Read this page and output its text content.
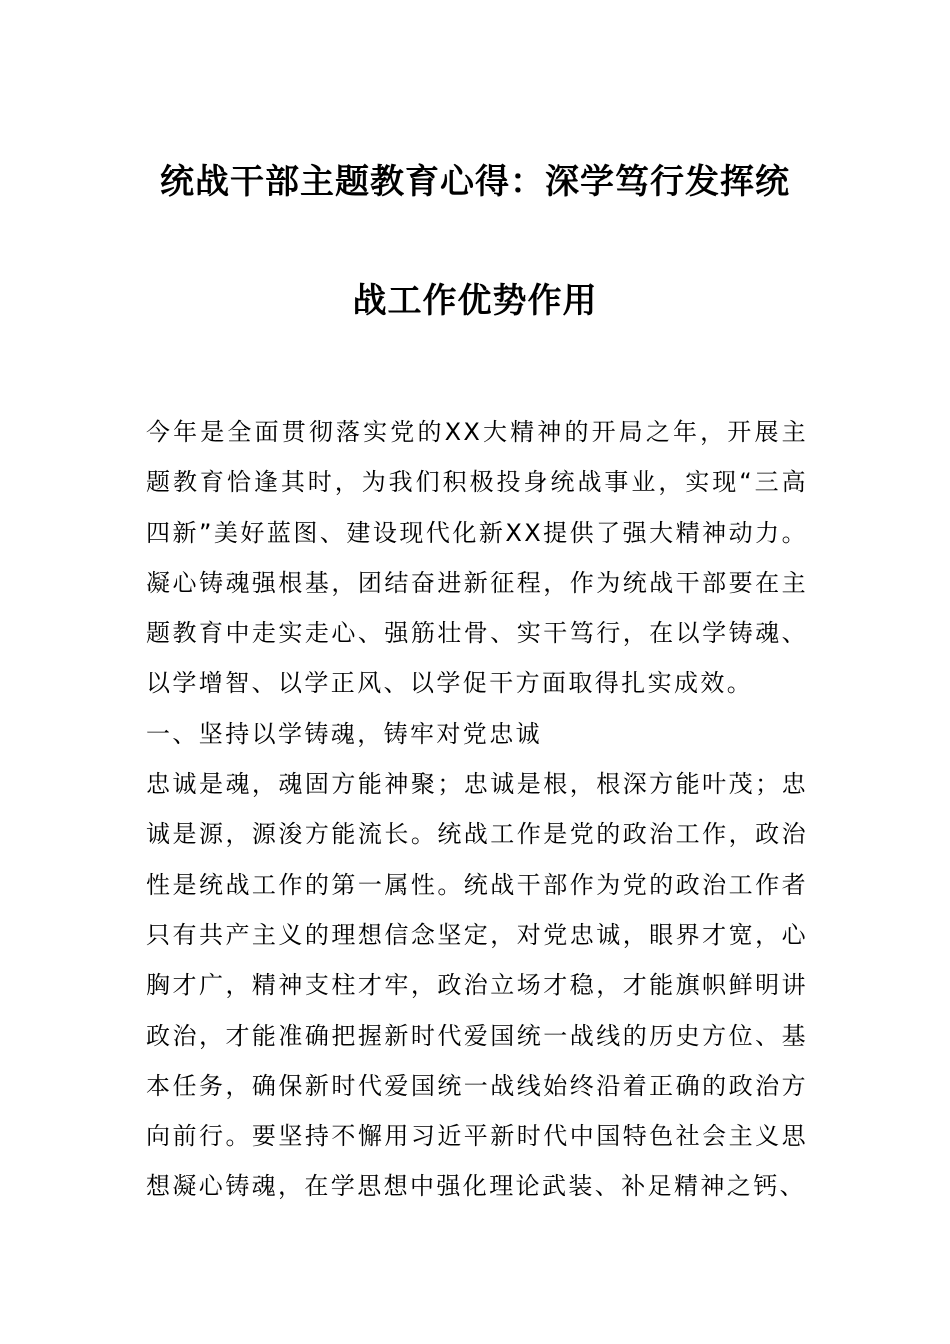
统战干部主题教育心得：深学笃行发挥统
战工作优势作用

今年是全面贯彻落实党的XX大精神的开局之年，开展主题教育恰逢其时，为我们积极投身统战事业，实现“三高四新”美好蓝图、建设现代化新XX提供了强大精神动力。凝心铸魂强根基，团结奋进新征程，作为统战干部要在主题教育中走实走心、强筋壮骨、实干笃行，在以学铸魂、以学增智、以学正风、以学促干方面取得扎实成效。

一、坚持以学铸魂，铸牢对党忠诚

忠诚是魂，魂固方能神聚；忠诚是根，根深方能叶茂；忠诚是源，源浚方能流长。统战工作是党的政治工作，政治性是统战工作的第一属性。统战干部作为党的政治工作者只有共产主义的理想信念坚定，对党忠诚，眼界才宽，心胸才广，精神支柱才牢，政治立场才稳，才能旗帜鲜明讲政治，才能准确把握新时代爱国统一战线的历史方位、基本任务，确保新时代爱国统一战线始终沿着正确的政治方向前行。要坚持不懈用习近平新时代中国特色社会主义思想凝心铸魂，在学思想中强化理论武装、补足精神之钙、
